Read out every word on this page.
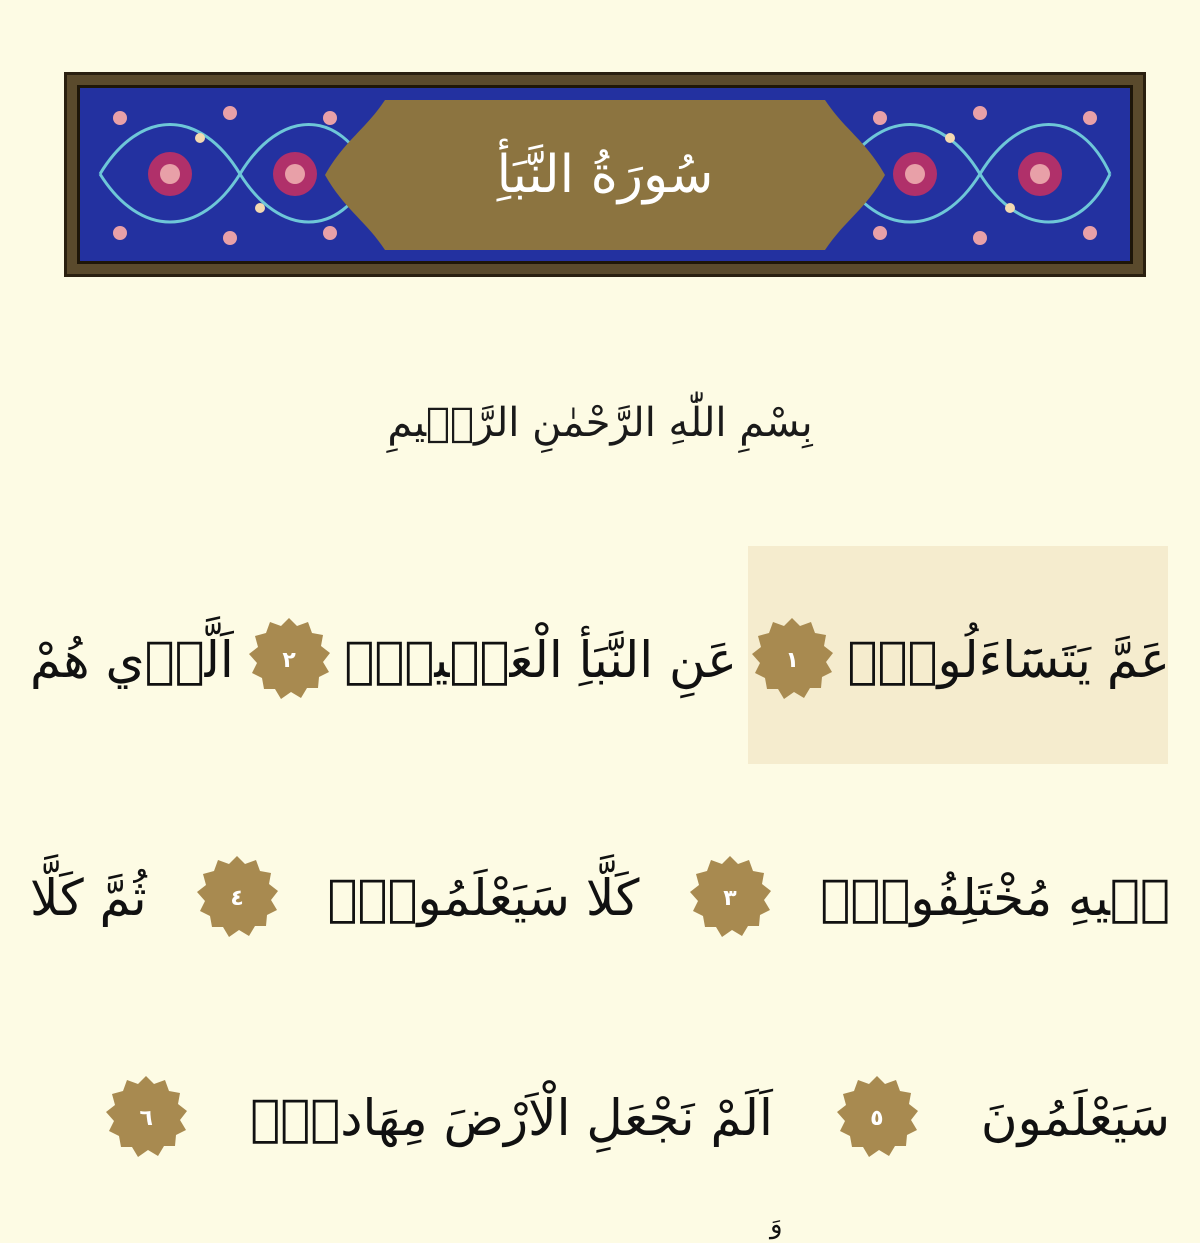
سُورَةُ النَّبَأِ
بِسْمِ اللّٰهِ الرَّحْمٰنِ الرَّج۪يمِ
عَمَّ يَتَسَٓاءَلُونَۚ
١
عَنِ النَّبَأِ الْعَظ۪يمِۙ
٢
اَلَّذ۪ي هُمْ
ف۪يهِ مُخْتَلِفُونَۜ
٣
كَلَّا سَيَعْلَمُونَۙ
٤
ثُمَّ كَلَّا
سَيَعْلَمُونَ
٥
اَلَمْ نَجْعَلِ الْاَرْضَ مِهَاداًۙ
٦
وَ
